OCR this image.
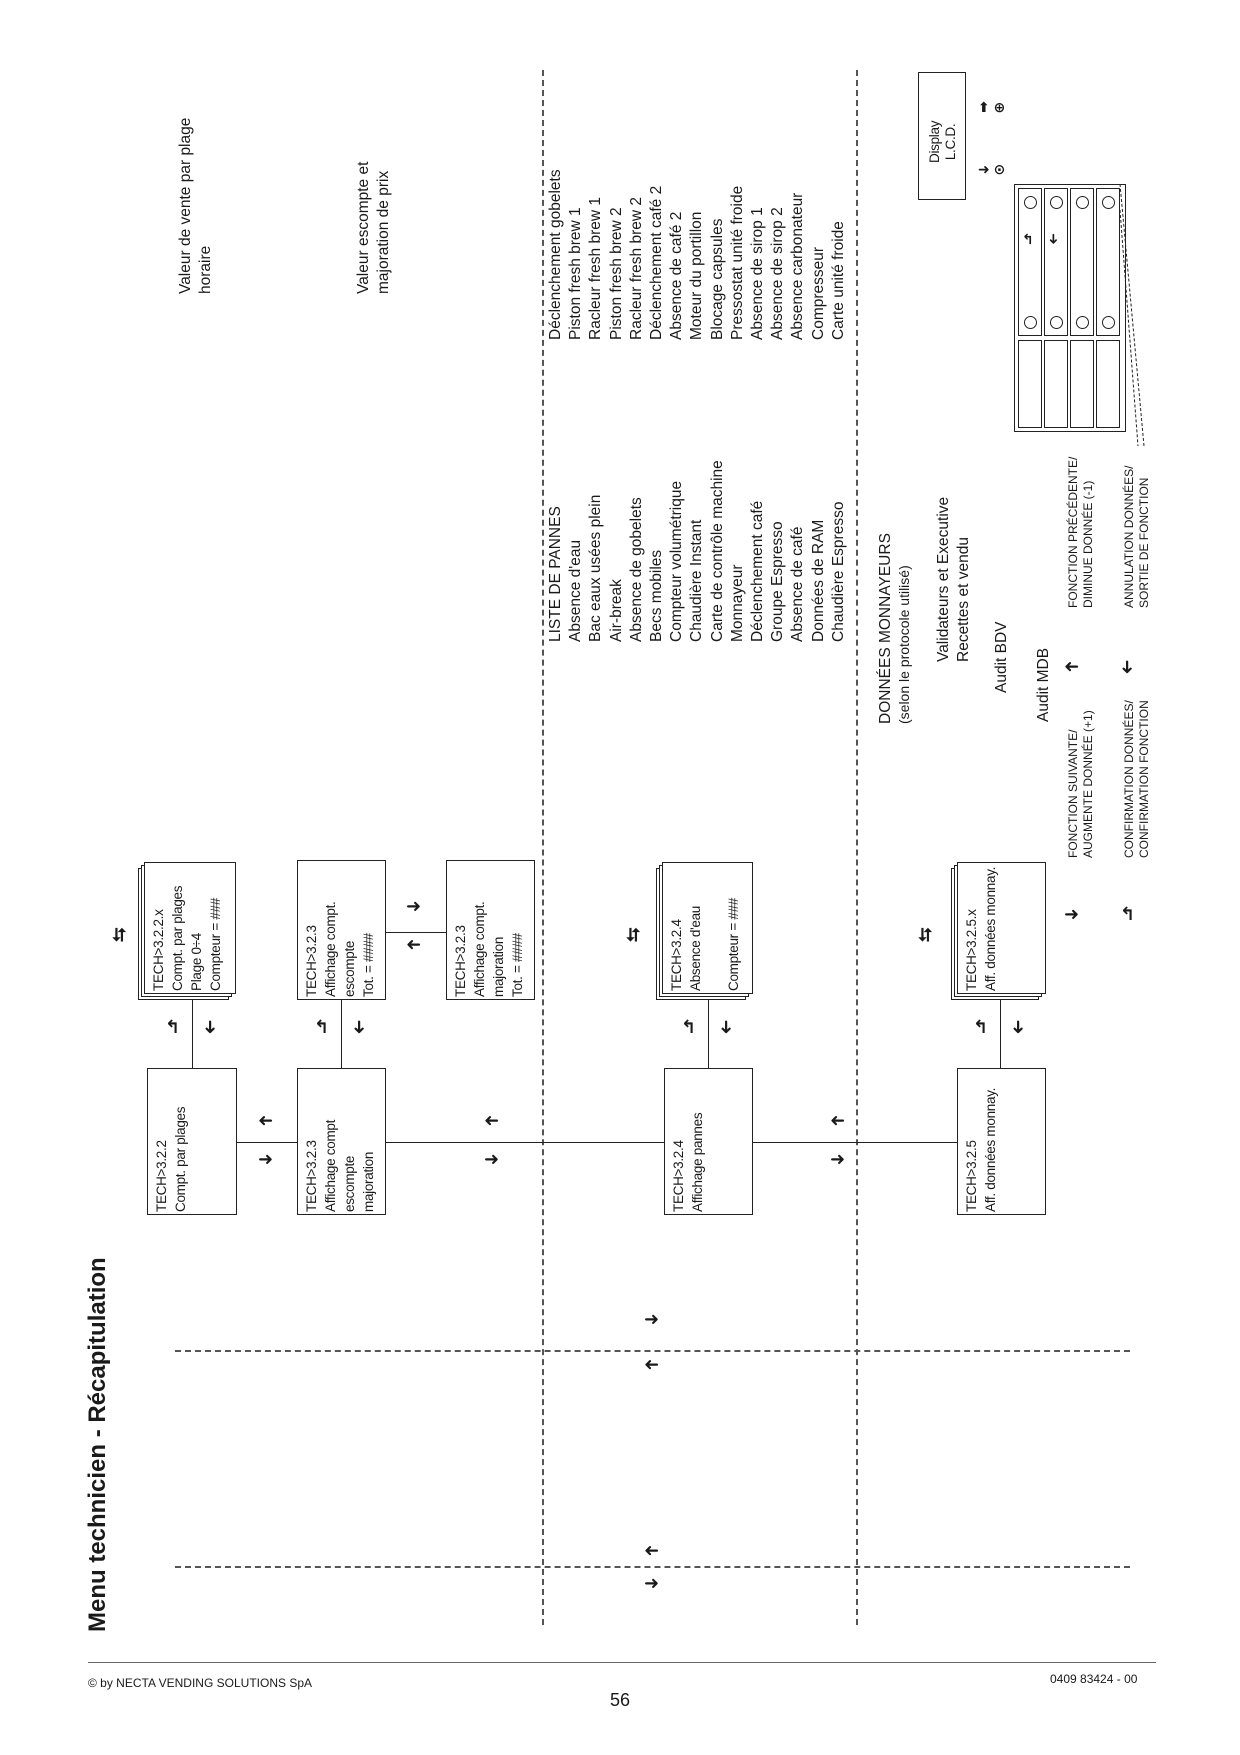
Menu technicien - Récapitulation	➜
➜
➜
➜
➜
➜
➜
➜
➜
➜
↰ ➜	↰ ➜	↰ ➜	↰ ➜
➜
➜
⮃	⮃	⮃
TECH>3.2.2 Compt. par plages
TECH>3.2.2.x Compt. par plages Plage 0÷4 Compteur = ###
TECH>3.2.3 Affichage compt escompte majoration
TECH>3.2.3 Affichage compt. escompte Tot. = ####	TECH>3.2.3 Affichage compt. majoration Tot. = ####
TECH>3.2.4 Affichage pannes
TECH>3.2.4 Absence d'eau Compteur = ###
TECH>3.2.5 Aff. données monnay.
TECH>3.2.5.x Aff. données monnay.
Valeur de vente par plage horaire	Valeur escompte et majoration de prix
LISTE DE PANNES Absence d'eau Bac eaux usées plein Air-break Absence de gobelets Becs mobiles Compteur volumétrique Chaudière Instant Carte de contrôle machine Monnayeur Déclenchement café Groupe Espresso Absence de café Données de RAM Chaudière Espresso
Déclenchement gobelets Piston fresh brew 1 Racleur fresh brew 1 Piston fresh brew 2 Racleur fresh brew 2 Déclenchement café 2 Absence de café 2 Moteur du portillon Blocage capsules Pressostat unité froide Absence de sirop 1 Absence de sirop 2 Absence carbonateur Compresseur Carte unité froide
DONNÉES MONNAYEURS (selon le protocole utilisé) Validateurs et Executive Recettes et vendu Audit BDV Audit MDB
FONCTION SUIVANTE/ AUGMENTE DONNÉE (+1)
FONCTION PRÉCÉDENTE/ DIMINUE DONNÉE (-1)
CONFIRMATION DONNÉES/ CONFIRMATION FONCTION
ANNULATION DONNÉES/ SORTIE DE FONCTION
➜ ↰
➜ ➜
Display L.C.D.
➜ ⊙
⬆ ⊕
↰ ➜
© by NECTA VENDING SOLUTIONS SpA	0409 83424 - 00
56
